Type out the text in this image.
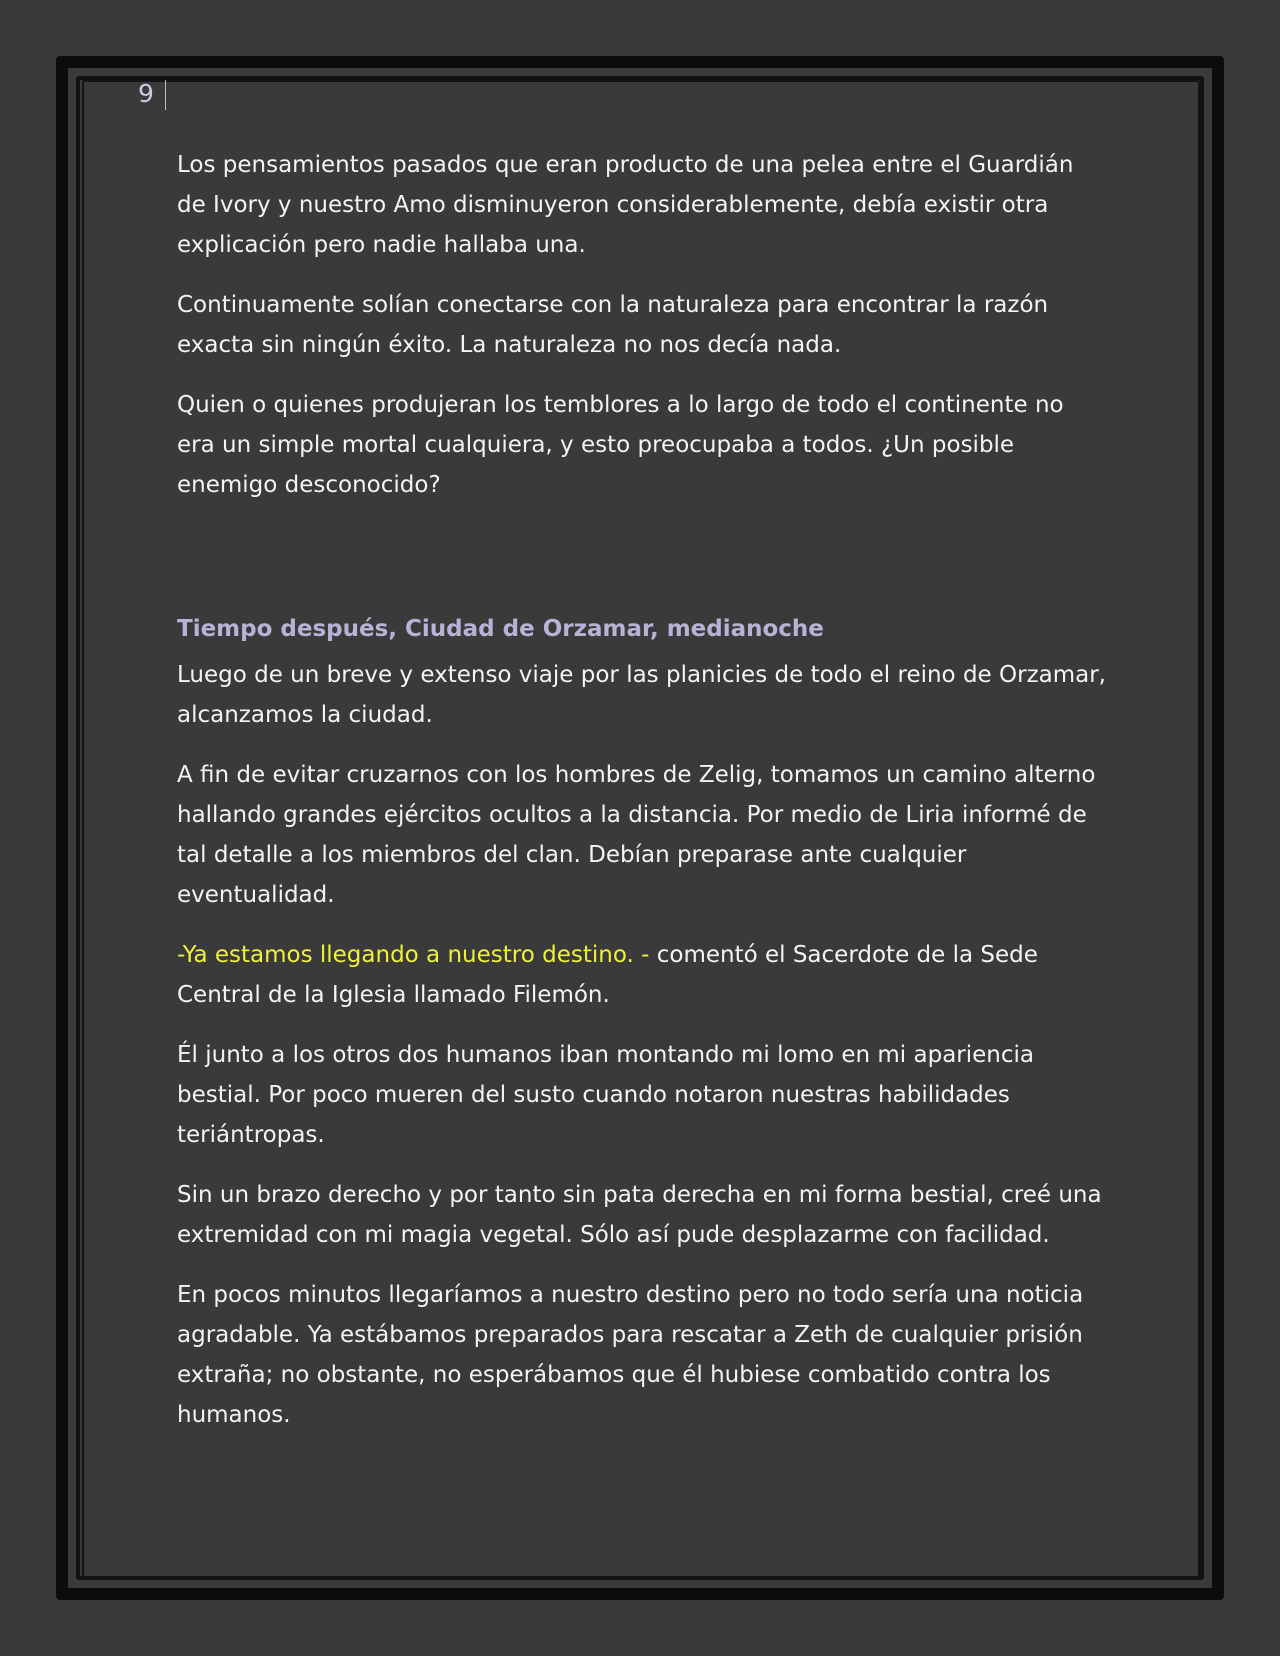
9

Los pensamientos pasados que eran producto de una pelea entre el Guardián de Ivory y nuestro Amo disminuyeron considerablemente, debía existir otra explicación pero nadie hallaba una.

Continuamente solían conectarse con la naturaleza para encontrar la razón exacta sin ningún éxito. La naturaleza no nos decía nada.

Quien o quienes produjeran los temblores a lo largo de todo el continente no era un simple mortal cualquiera, y esto preocupaba a todos. ¿Un posible enemigo desconocido?

Tiempo después, Ciudad de Orzamar, medianoche

Luego de un breve y extenso viaje por las planicies de todo el reino de Orzamar, alcanzamos la ciudad.

A fin de evitar cruzarnos con los hombres de Zelig, tomamos un camino alterno hallando grandes ejércitos ocultos a la distancia. Por medio de Liria informé de tal detalle a los miembros del clan. Debían preparase ante cualquier eventualidad.

-Ya estamos llegando a nuestro destino. - comentó el Sacerdote de la Sede Central de la Iglesia llamado Filemón.

Él junto a los otros dos humanos iban montando mi lomo en mi apariencia bestial. Por poco mueren del susto cuando notaron nuestras habilidades teriántropas.

Sin un brazo derecho y por tanto sin pata derecha en mi forma bestial, creé una extremidad con mi magia vegetal. Sólo así pude desplazarme con facilidad.

En pocos minutos llegaríamos a nuestro destino pero no todo sería una noticia agradable. Ya estábamos preparados para rescatar a Zeth de cualquier prisión extraña; no obstante, no esperábamos que él hubiese combatido contra los humanos.
